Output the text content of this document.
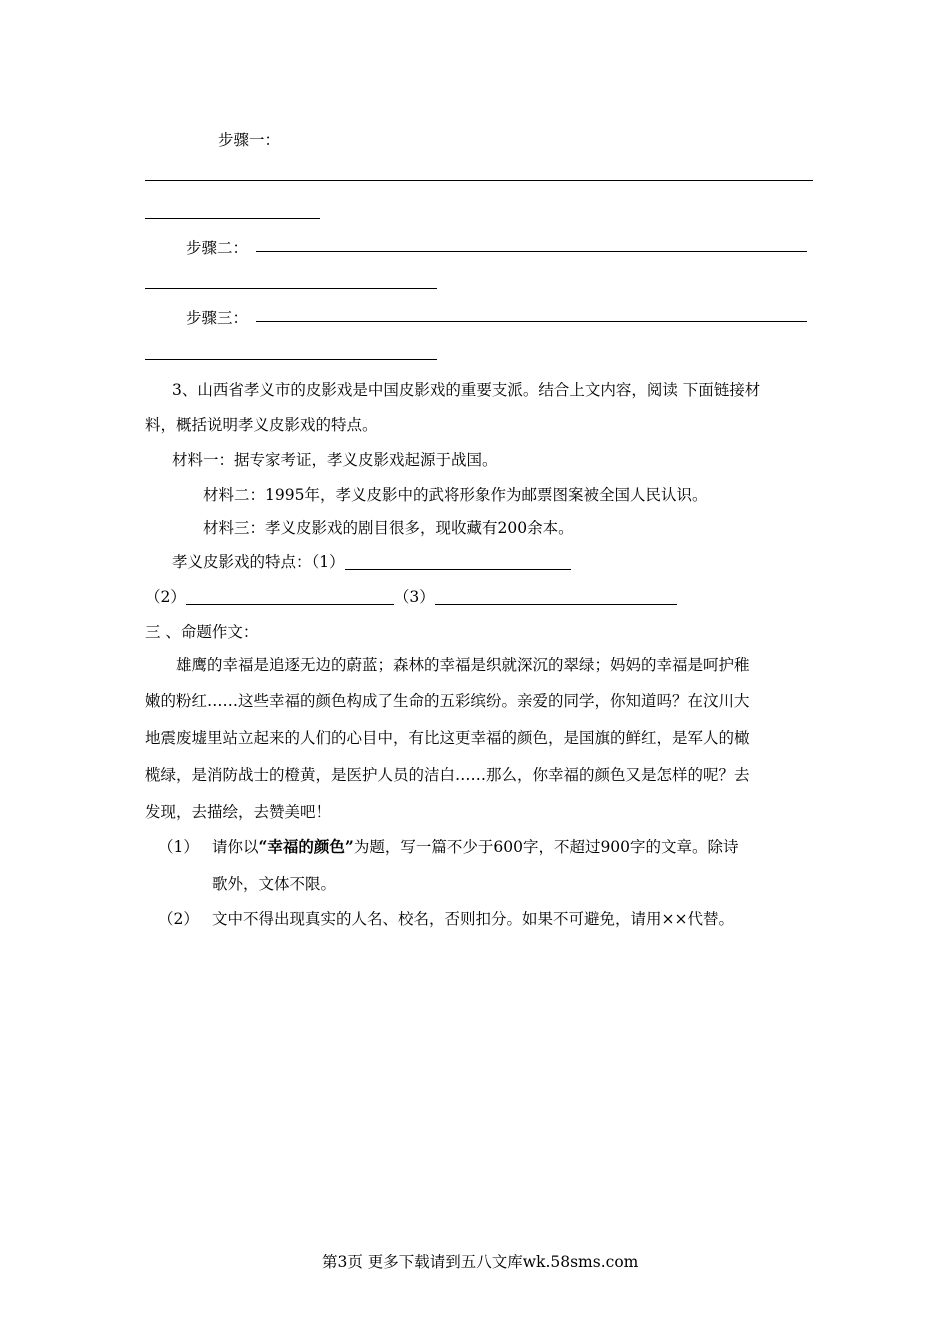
步骤一：
步骤二：
步骤三：
3、山西省孝义市的皮影戏是中国皮影戏的重要支派。结合上文内容，阅读 下面链接材
料，概括说明孝义皮影戏的特点。
材料一：据专家考证，孝义皮影戏起源于战国。
材料二：1995年，孝义皮影中的武将形象作为邮票图案被全国人民认识。
材料三：孝义皮影戏的剧目很多，现收藏有200余本。
孝义皮影戏的特点：（1）
（2）	（3）
三 、命题作文：
雄鹰的幸福是追逐无边的蔚蓝；森林的幸福是织就深沉的翠绿；妈妈的幸福是呵护稚
嫩的粉红……这些幸福的颜色构成了生命的五彩缤纷。亲爱的同学，你知道吗？在汶川大
地震废墟里站立起来的人们的心目中，有比这更幸福的颜色，是国旗的鲜红，是军人的橄
榄绿，是消防战士的橙黄，是医护人员的洁白……那么，你幸福的颜色又是怎样的呢？去
发现，去描绘，去赞美吧！
（1） 请你以“幸福的颜色”为题，写一篇不少于600字，不超过900字的文章。除诗
歌外，文体不限。
（2） 文中不得出现真实的人名、校名，否则扣分。如果不可避免，请用××代替。
第3页 更多下载请到五八文库wk.58sms.com
